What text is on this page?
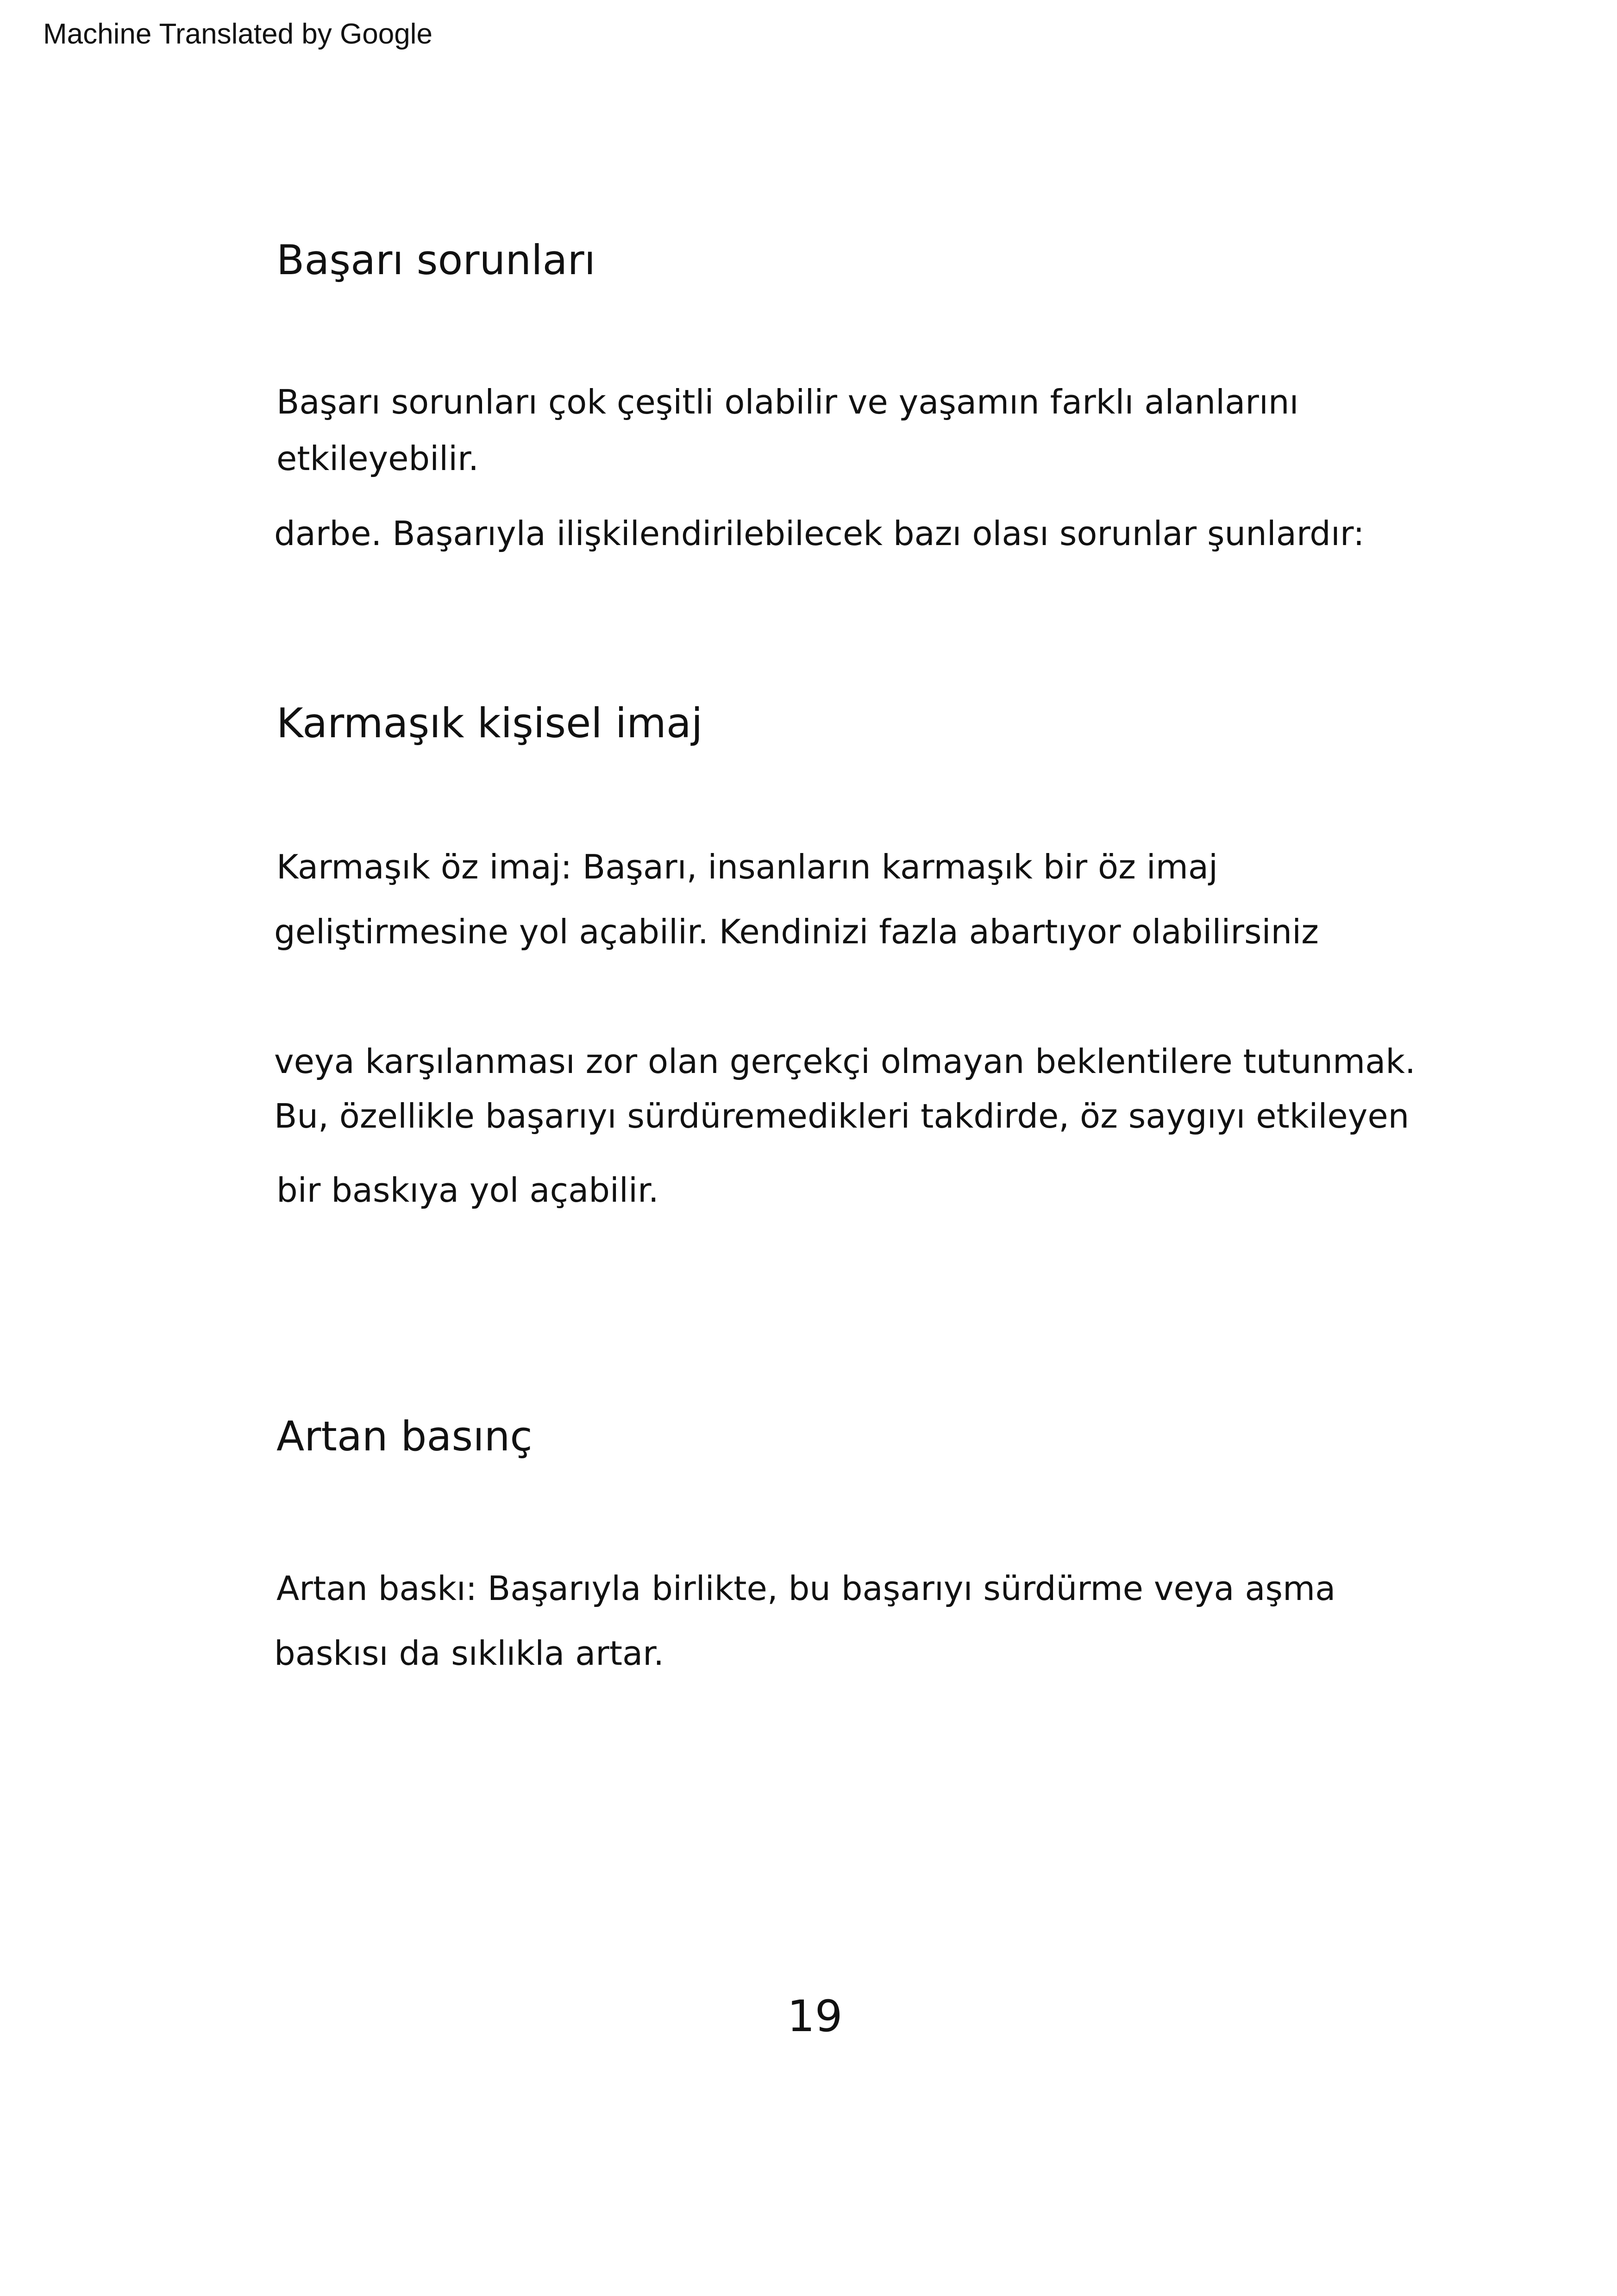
Machine Translated by Google
Başarı sorunları
Başarı sorunları çok çeşitli olabilir ve yaşamın farklı alanlarını
etkileyebilir.
darbe. Başarıyla ilişkilendirilebilecek bazı olası sorunlar şunlardır:
Karmaşık kişisel imaj
Karmaşık öz imaj: Başarı, insanların karmaşık bir öz imaj
geliştirmesine yol açabilir. Kendinizi fazla abartıyor olabilirsiniz
veya karşılanması zor olan gerçekçi olmayan beklentilere tutunmak.
Bu, özellikle başarıyı sürdüremedikleri takdirde, öz saygıyı etkileyen
bir baskıya yol açabilir.
Artan basınç
Artan baskı: Başarıyla birlikte, bu başarıyı sürdürme veya aşma
baskısı da sıklıkla artar.
19
